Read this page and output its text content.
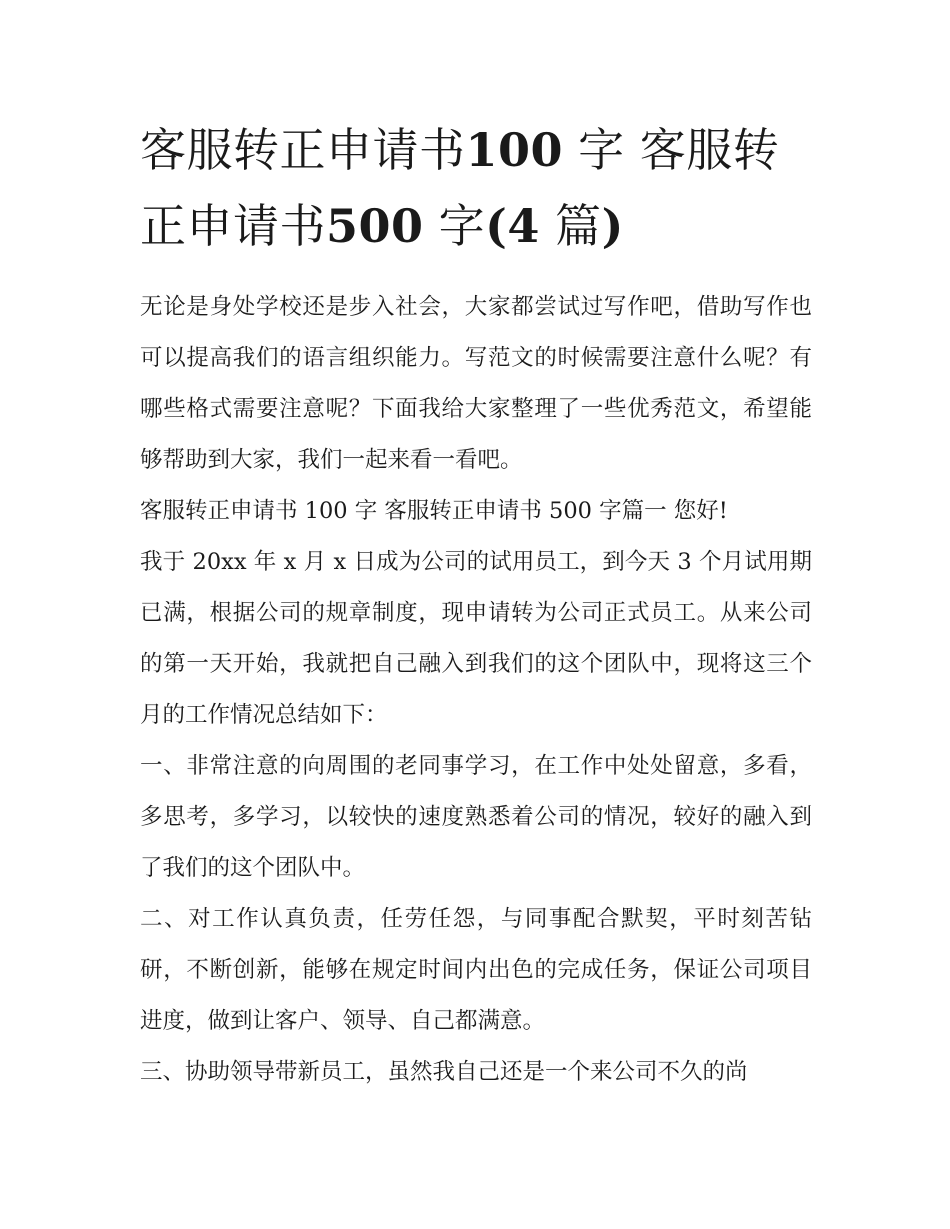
客服转正申请书100 字 客服转
正申请书500 字(4 篇)

无论是身处学校还是步入社会，大家都尝试过写作吧，借助写作也可以提高我们的语言组织能力。写范文的时候需要注意什么呢？有哪些格式需要注意呢？下面我给大家整理了一些优秀范文，希望能够帮助到大家，我们一起来看一看吧。

客服转正申请书 100 字 客服转正申请书 500 字篇一 您好!

我于 20xx 年 x 月 x 日成为公司的试用员工，到今天 3 个月试用期已满，根据公司的规章制度，现申请转为公司正式员工。从来公司的第一天开始，我就把自己融入到我们的这个团队中，现将这三个月的工作情况总结如下：

一、非常注意的向周围的老同事学习，在工作中处处留意，多看，多思考，多学习，以较快的速度熟悉着公司的情况，较好的融入到了我们的这个团队中。

二、对工作认真负责，任劳任怨，与同事配合默契，平时刻苦钻研，不断创新，能够在规定时间内出色的完成任务，保证公司项目进度，做到让客户、领导、自己都满意。

三、协助领导带新员工，虽然我自己还是一个来公司不久的尚
